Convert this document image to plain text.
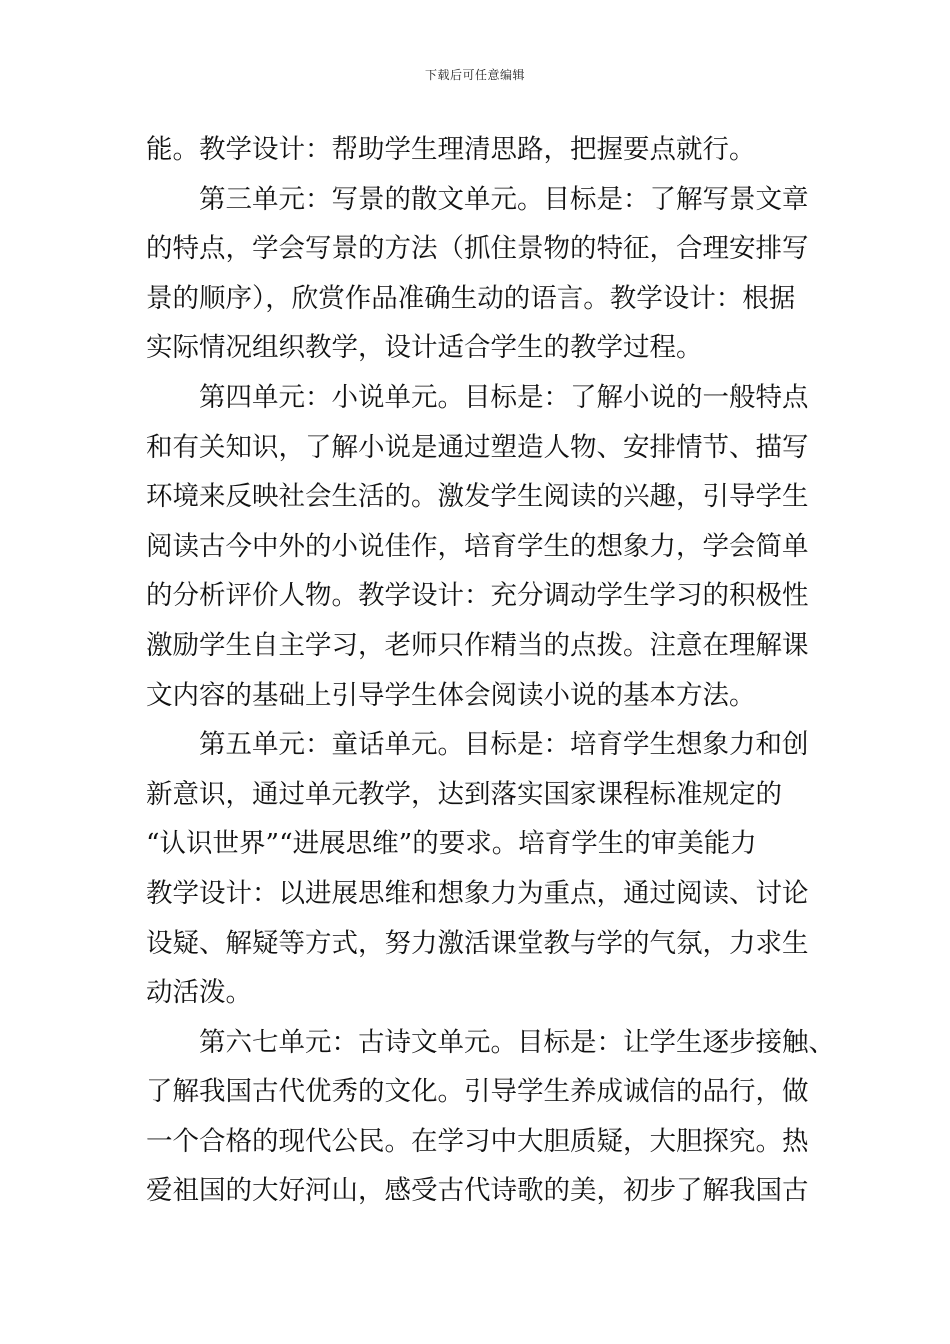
下载后可任意编辑
能。教学设计：帮助学生理清思路，把握要点就行。
第三单元：写景的散文单元。目标是：了解写景文章
的特点，学会写景的方法（抓住景物的特征，合理安排写
景的顺序），欣赏作品准确生动的语言。教学设计：根据
实际情况组织教学，设计适合学生的教学过程。
第四单元：小说单元。目标是：了解小说的一般特点
和有关知识，了解小说是通过塑造人物、安排情节、描写
环境来反映社会生活的。激发学生阅读的兴趣，引导学生
阅读古今中外的小说佳作，培育学生的想象力，学会简单
的分析评价人物。教学设计：充分调动学生学习的积极性
激励学生自主学习，老师只作精当的点拨。注意在理解课
文内容的基础上引导学生体会阅读小说的基本方法。
第五单元：童话单元。目标是：培育学生想象力和创
新意识，通过单元教学，达到落实国家课程标准规定的
“认识世界”“进展思维”的要求。培育学生的审美能力
教学设计：以进展思维和想象力为重点，通过阅读、讨论
设疑、解疑等方式，努力激活课堂教与学的气氛，力求生
动活泼。
第六七单元：古诗文单元。目标是：让学生逐步接触、
了解我国古代优秀的文化。引导学生养成诚信的品行，做
一个合格的现代公民。在学习中大胆质疑，大胆探究。热
爱祖国的大好河山，感受古代诗歌的美，初步了解我国古
